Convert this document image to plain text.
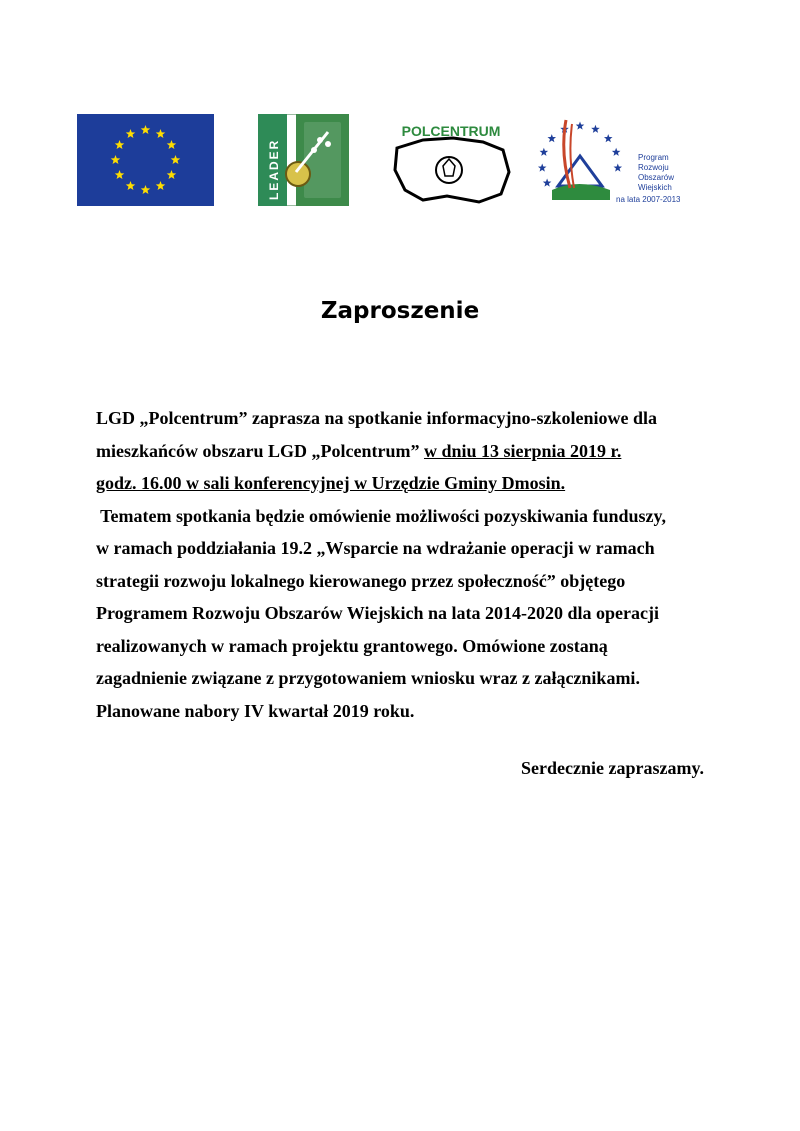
LEADER
POLCENTRUM
Program
Rozwoju
Obszarów
Wiejskich
na lata 2007-2013
Zaproszenie
LGD „Polcentrum” zaprasza na spotkanie informacyjno-szkoleniowe dla
mieszkańców obszaru LGD „Polcentrum” w dniu 13 sierpnia 2019 r.
godz. 16.00 w sali konferencyjnej w Urzędzie Gminy Dmosin.
Tematem spotkania będzie omówienie możliwości pozyskiwania funduszy,
w ramach poddziałania 19.2 „Wsparcie na wdrażanie operacji w ramach
strategii rozwoju lokalnego kierowanego przez społeczność” objętego
Programem Rozwoju Obszarów Wiejskich na lata 2014-2020 dla operacji
realizowanych w ramach projektu grantowego. Omówione zostaną
zagadnienie związane z przygotowaniem wniosku wraz z załącznikami.
Planowane nabory IV kwartał 2019 roku.
Serdecznie zapraszamy.
